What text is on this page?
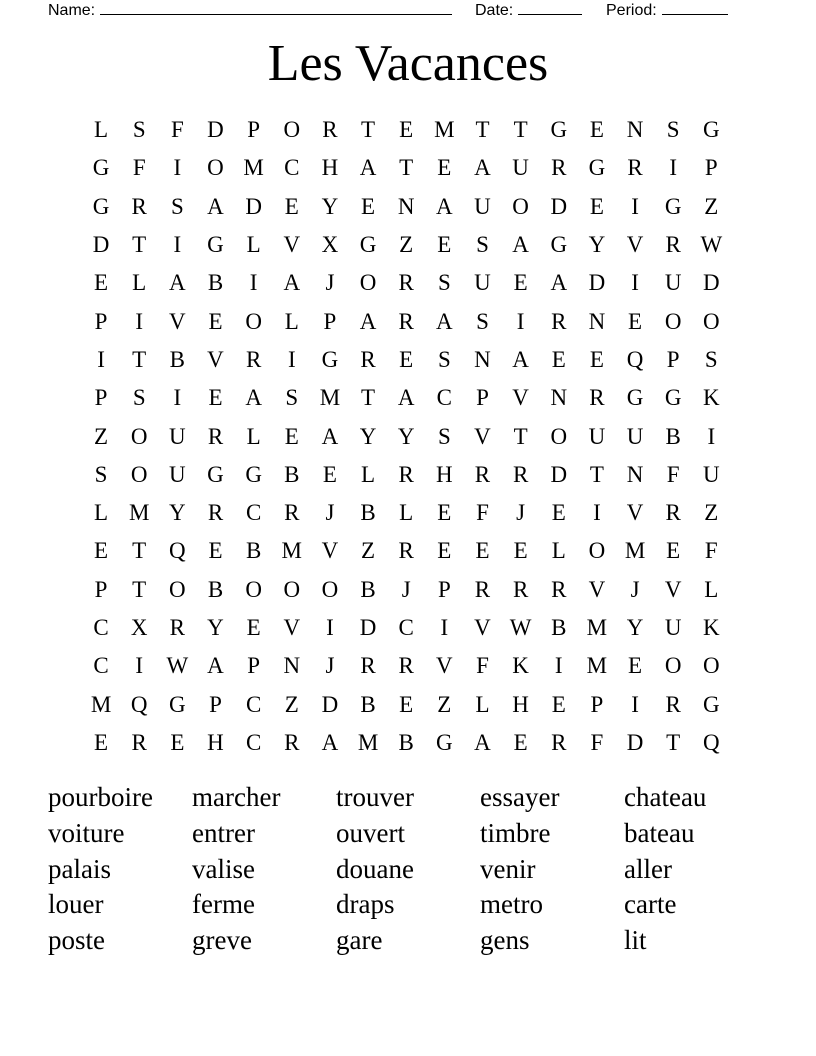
Name:	Date:	Period:
Les Vacances
L	S	F	D	P	O R	T	E M T	T G E N	S	G
G	F	I	O M C H A T	E A U R G R	I	P
G R	S	A D E Y E N A U O D E	I	G Z
D T	I	G L V X G Z	E	S	A G Y V R W
E	L A B	I	A	J	O R	S	U E A D	I	U D
P	I	V E O L	P	A R A	S	I	R N E O O
I	T	B V R	I	G R	E	S	N A E	E Q	P	S
P	S	I	E A	S M T A C	P	V N R G G K
Z O U R	L	E A Y Y	S	V T O U U B	I
S	O U G G B	E	L	R H R R D T N	F	U
L M Y R C R	J	B	L	E	F	J	E	I	V R	Z
E	T Q E	B M V Z	R	E	E	E	L O M E	F
P	T O B O O O B	J	P	R R R V	J	V L
C X R Y E V	I	D C	I	V W B M Y U K
C	I	W A	P	N	J	R R V	F	K	I	M E O O
M Q G	P	C	Z D B	E	Z	L H E	P	I	R G
E	R	E H C R A M B G A E	R	F	D T Q
pourboire	marcher	trouver	essayer	chateau
voiture	entrer	ouvert	timbre	bateau
palais	valise	douane	venir	aller
louer	ferme	draps	metro	carte
poste	greve	gare	gens	lit
